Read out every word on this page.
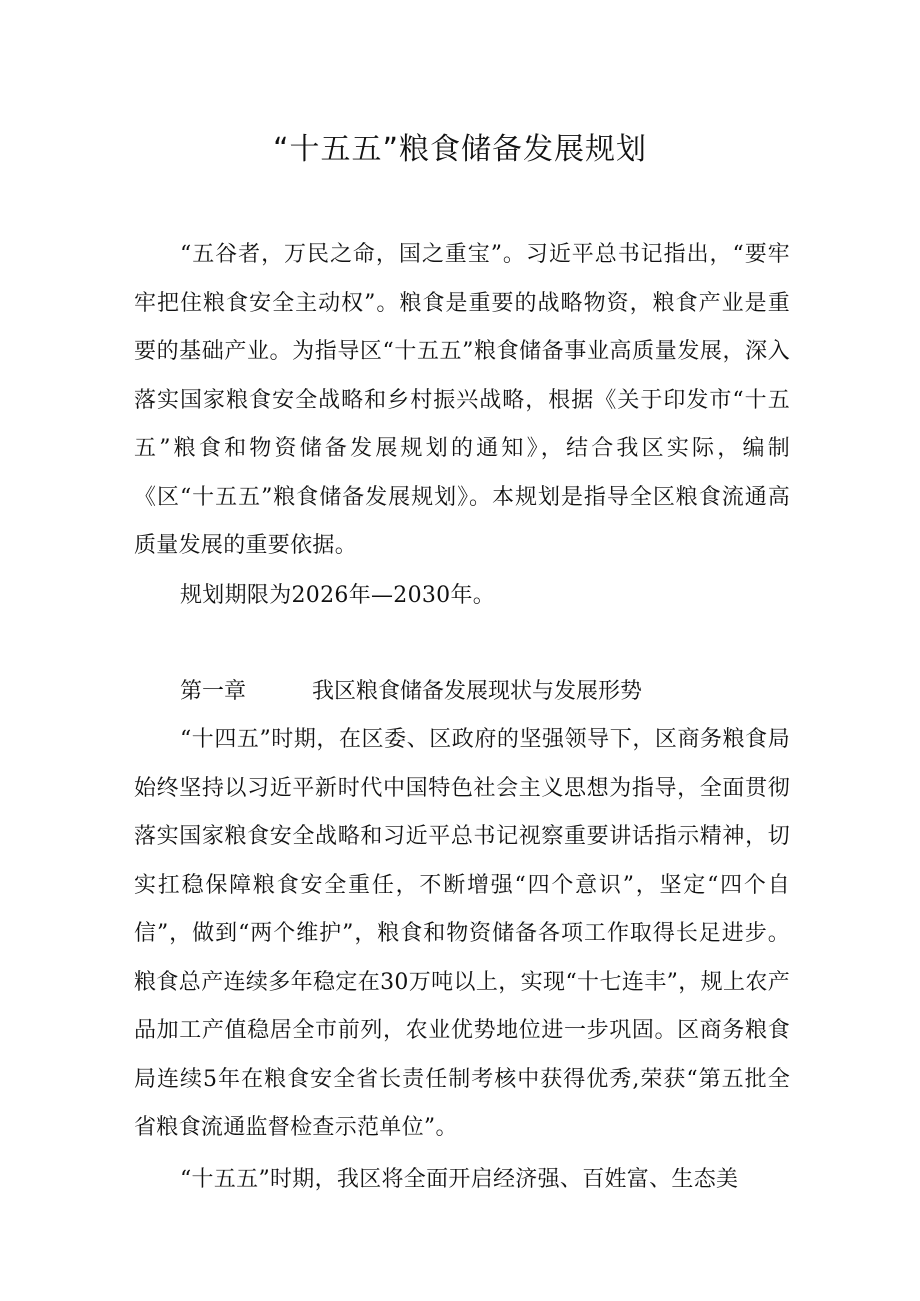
“十五五”粮食储备发展规划

“五谷者，万民之命，国之重宝”。习近平总书记指出，“要牢牢把住粮食安全主动权”。粮食是重要的战略物资，粮食产业是重要的基础产业。为指导区“十五五”粮食储备事业高质量发展，深入落实国家粮食安全战略和乡村振兴战略，根据《关于印发市“十五五”粮食和物资储备发展规划的通知》，结合我区实际，编制《区“十五五”粮食储备发展规划》。本规划是指导全区粮食流通高质量发展的重要依据。

规划期限为2026年—2030年。

第一章	我区粮食储备发展现状与发展形势

“十四五”时期，在区委、区政府的坚强领导下，区商务粮食局始终坚持以习近平新时代中国特色社会主义思想为指导，全面贯彻落实国家粮食安全战略和习近平总书记视察重要讲话指示精神，切实扛稳保障粮食安全重任，不断增强“四个意识”，坚定“四个自信”，做到“两个维护”，粮食和物资储备各项工作取得长足进步。粮食总产连续多年稳定在30万吨以上，实现“十七连丰”，规上农产品加工产值稳居全市前列，农业优势地位进一步巩固。区商务粮食局连续5年在粮食安全省长责任制考核中获得优秀,荣获“第五批全省粮食流通监督检查示范单位”。

“十五五”时期，我区将全面开启经济强、百姓富、生态美
